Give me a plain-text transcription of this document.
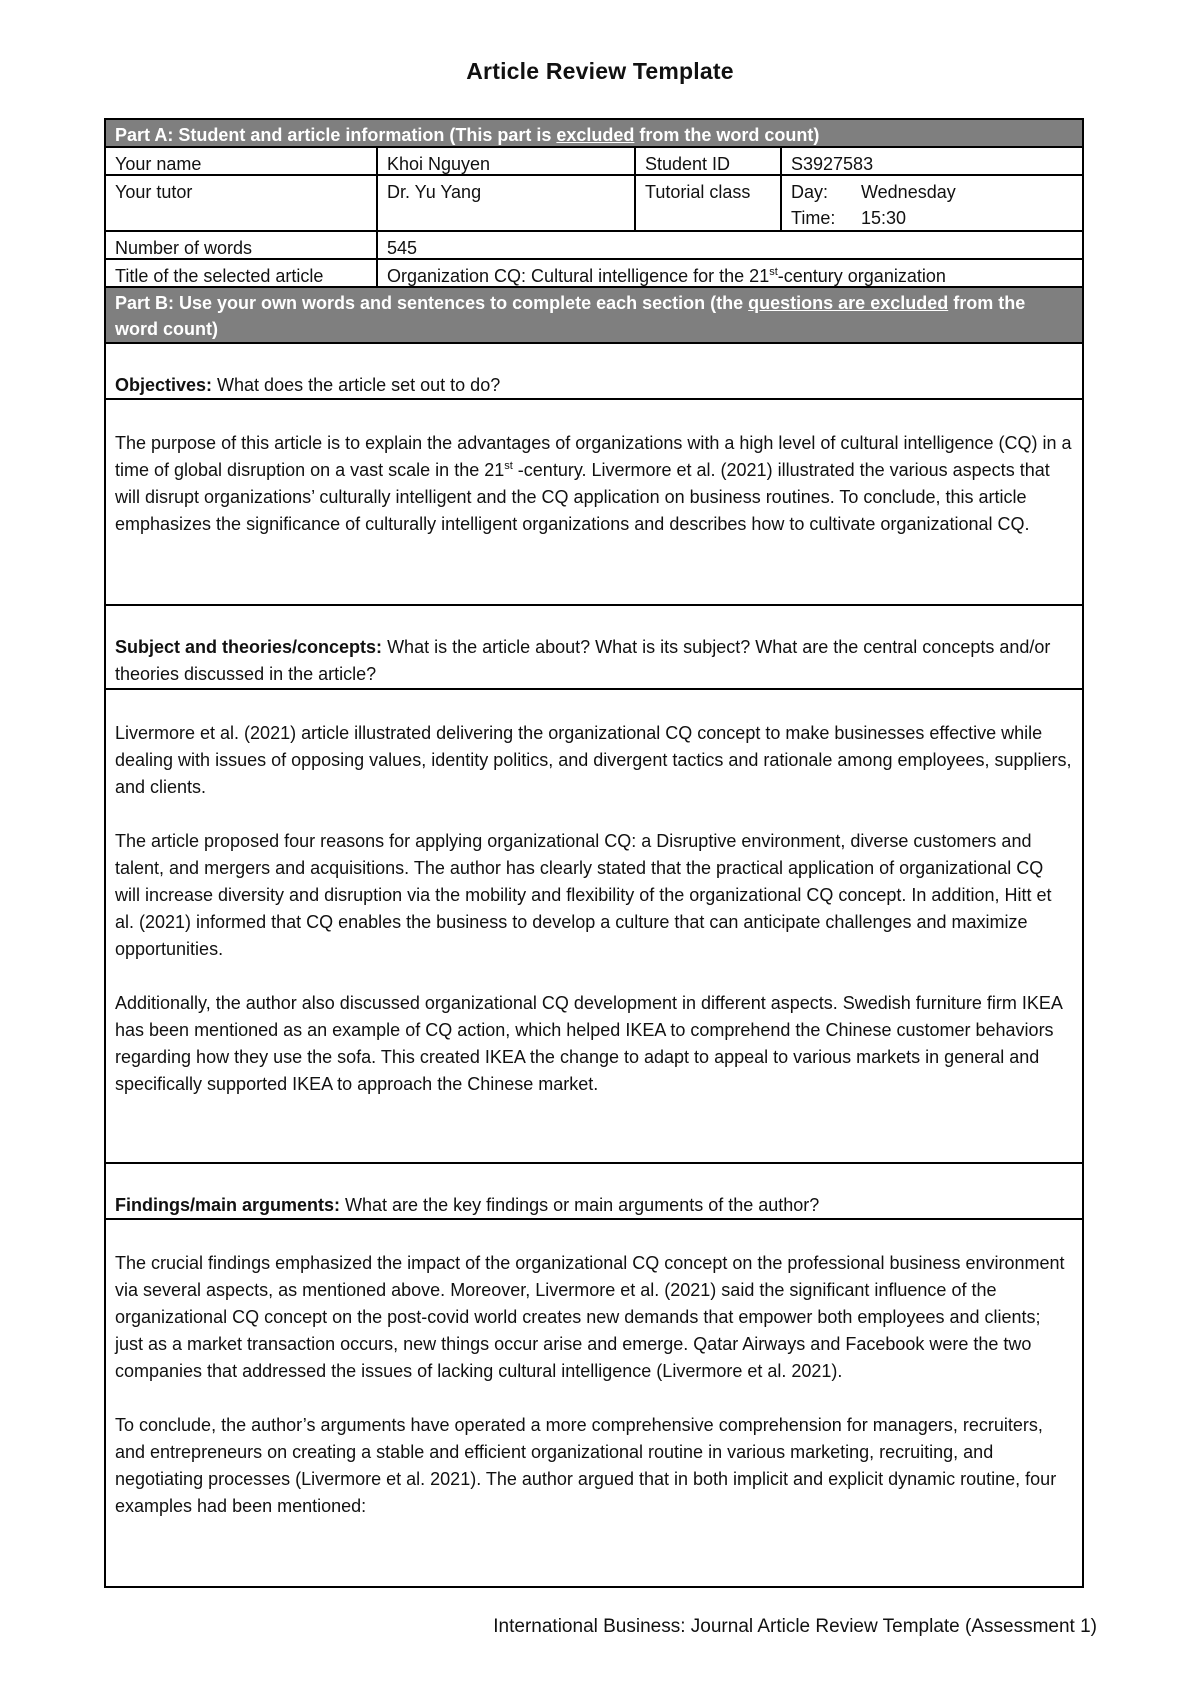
Article Review Template
Part A: Student and article information (This part is excluded from the word count)
Your name	Khoi Nguyen	Student ID	S3927583
Your tutor	Dr. Yu Yang	Tutorial class	Day: Wednesday
Time: 15:30
Number of words	545
Title of the selected article	Organization CQ: Cultural intelligence for the 21st-century organization
Part B: Use your own words and sentences to complete each section (the questions are excluded from the word count)
Objectives: What does the article set out to do?

The purpose of this article is to explain the advantages of organizations with a high level of cultural intelligence (CQ) in a time of global disruption on a vast scale in the 21st -century. Livermore et al. (2021) illustrated the various aspects that will disrupt organizations’ culturally intelligent and the CQ application on business routines. To conclude, this article emphasizes the significance of culturally intelligent organizations and describes how to cultivate organizational CQ.

Subject and theories/concepts: What is the article about? What is its subject? What are the central concepts and/or theories discussed in the article?

Livermore et al. (2021) article illustrated delivering the organizational CQ concept to make businesses effective while dealing with issues of opposing values, identity politics, and divergent tactics and rationale among employees, suppliers, and clients.

The article proposed four reasons for applying organizational CQ: a Disruptive environment, diverse customers and talent, and mergers and acquisitions. The author has clearly stated that the practical application of organizational CQ will increase diversity and disruption via the mobility and flexibility of the organizational CQ concept. In addition, Hitt et al. (2021) informed that CQ enables the business to develop a culture that can anticipate challenges and maximize opportunities.

Additionally, the author also discussed organizational CQ development in different aspects. Swedish furniture firm IKEA has been mentioned as an example of CQ action, which helped IKEA to comprehend the Chinese customer behaviors regarding how they use the sofa. This created IKEA the change to adapt to appeal to various markets in general and specifically supported IKEA to approach the Chinese market.

Findings/main arguments: What are the key findings or main arguments of the author?

The crucial findings emphasized the impact of the organizational CQ concept on the professional business environment via several aspects, as mentioned above. Moreover, Livermore et al. (2021) said the significant influence of the organizational CQ concept on the post-covid world creates new demands that empower both employees and clients; just as a market transaction occurs, new things occur arise and emerge. Qatar Airways and Facebook were the two companies that addressed the issues of lacking cultural intelligence (Livermore et al. 2021).

To conclude, the author’s arguments have operated a more comprehensive comprehension for managers, recruiters, and entrepreneurs on creating a stable and efficient organizational routine in various marketing, recruiting, and negotiating processes (Livermore et al. 2021). The author argued that in both implicit and explicit dynamic routine, four examples had been mentioned:

International Business: Journal Article Review Template (Assessment 1)
